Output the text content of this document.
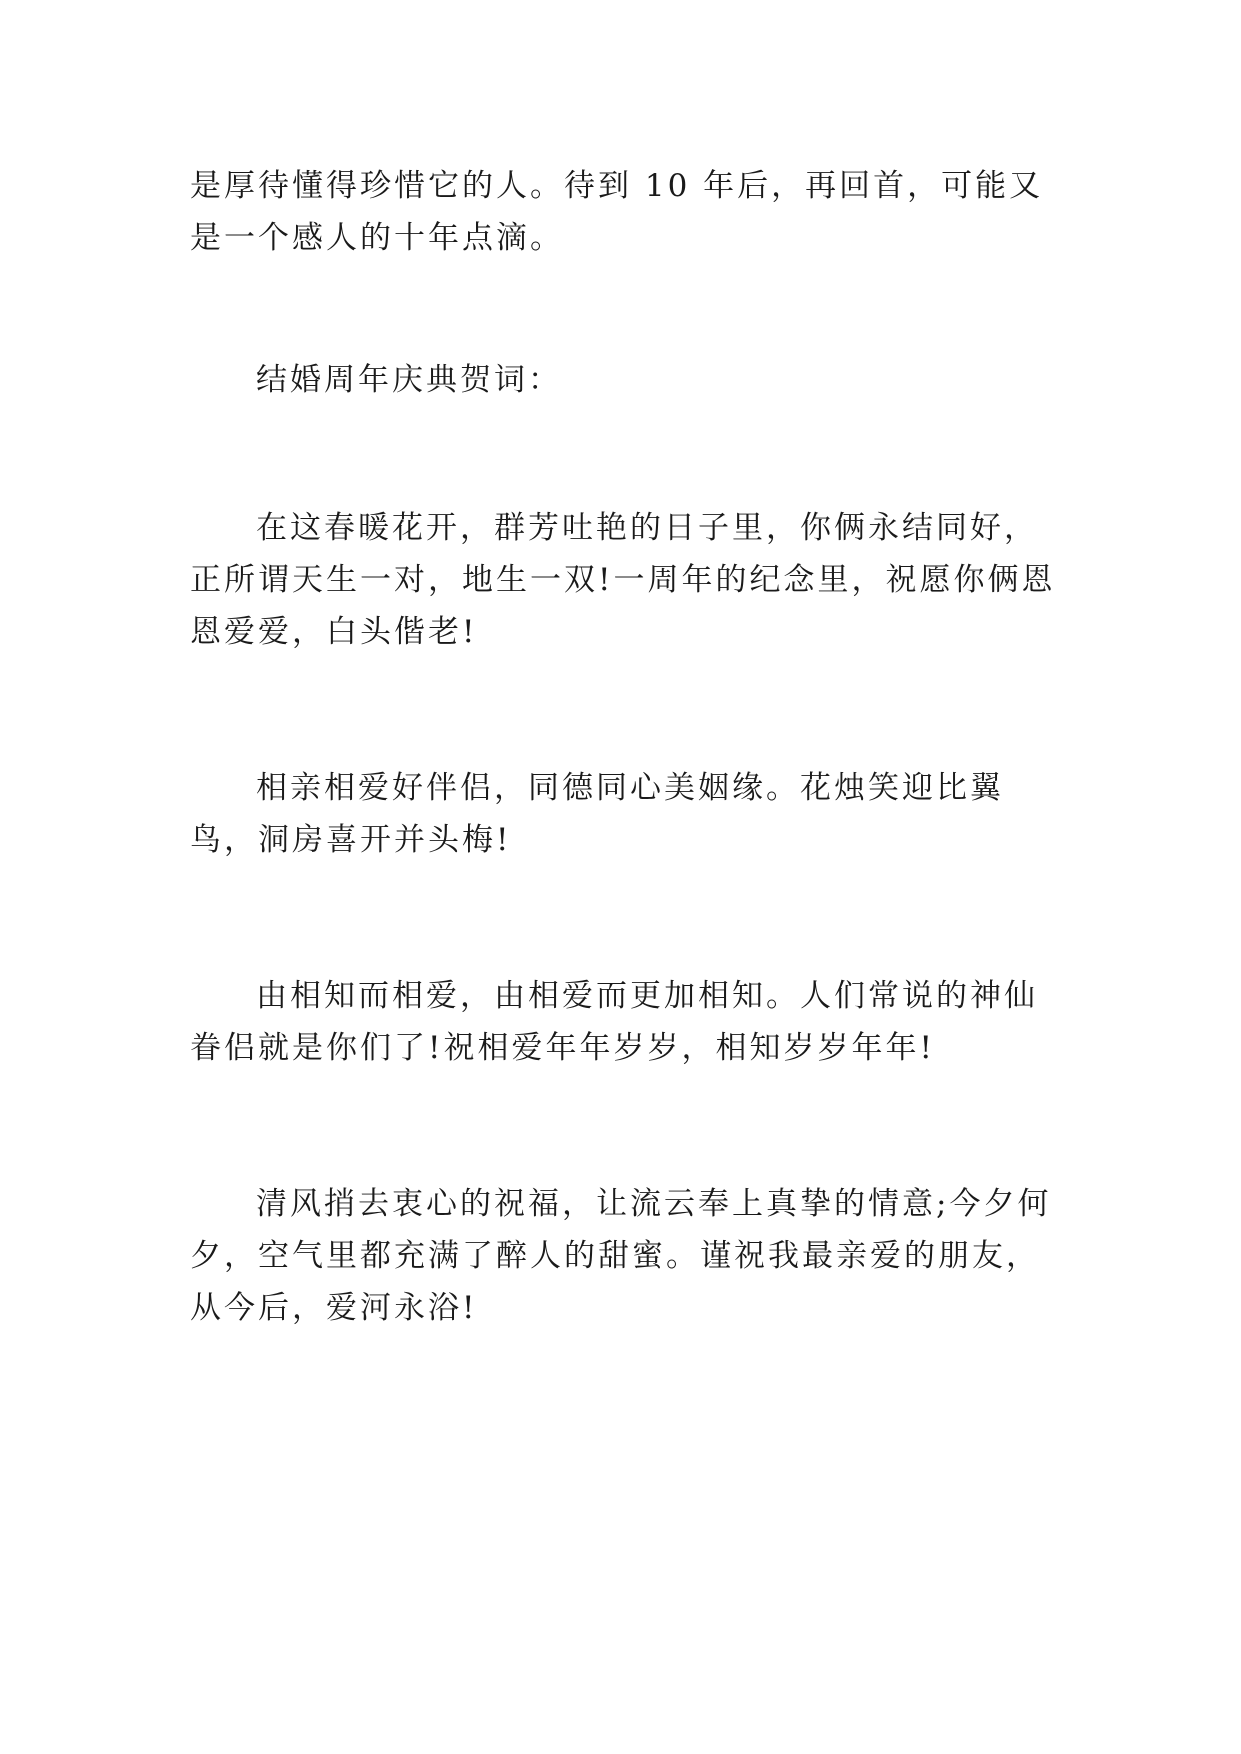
是厚待懂得珍惜它的人。待到 10 年后，再回首，可能又是一个感人的十年点滴。

结婚周年庆典贺词：

在这春暖花开，群芳吐艳的日子里，你俩永结同好，正所谓天生一对，地生一双!一周年的纪念里，祝愿你俩恩恩爱爱，白头偕老!

相亲相爱好伴侣，同德同心美姻缘。花烛笑迎比翼鸟，洞房喜开并头梅!

由相知而相爱，由相爱而更加相知。人们常说的神仙眷侣就是你们了!祝相爱年年岁岁，相知岁岁年年!

清风捎去衷心的祝福，让流云奉上真挚的情意;今夕何夕，空气里都充满了醉人的甜蜜。谨祝我最亲爱的朋友，从今后，爱河永浴!
